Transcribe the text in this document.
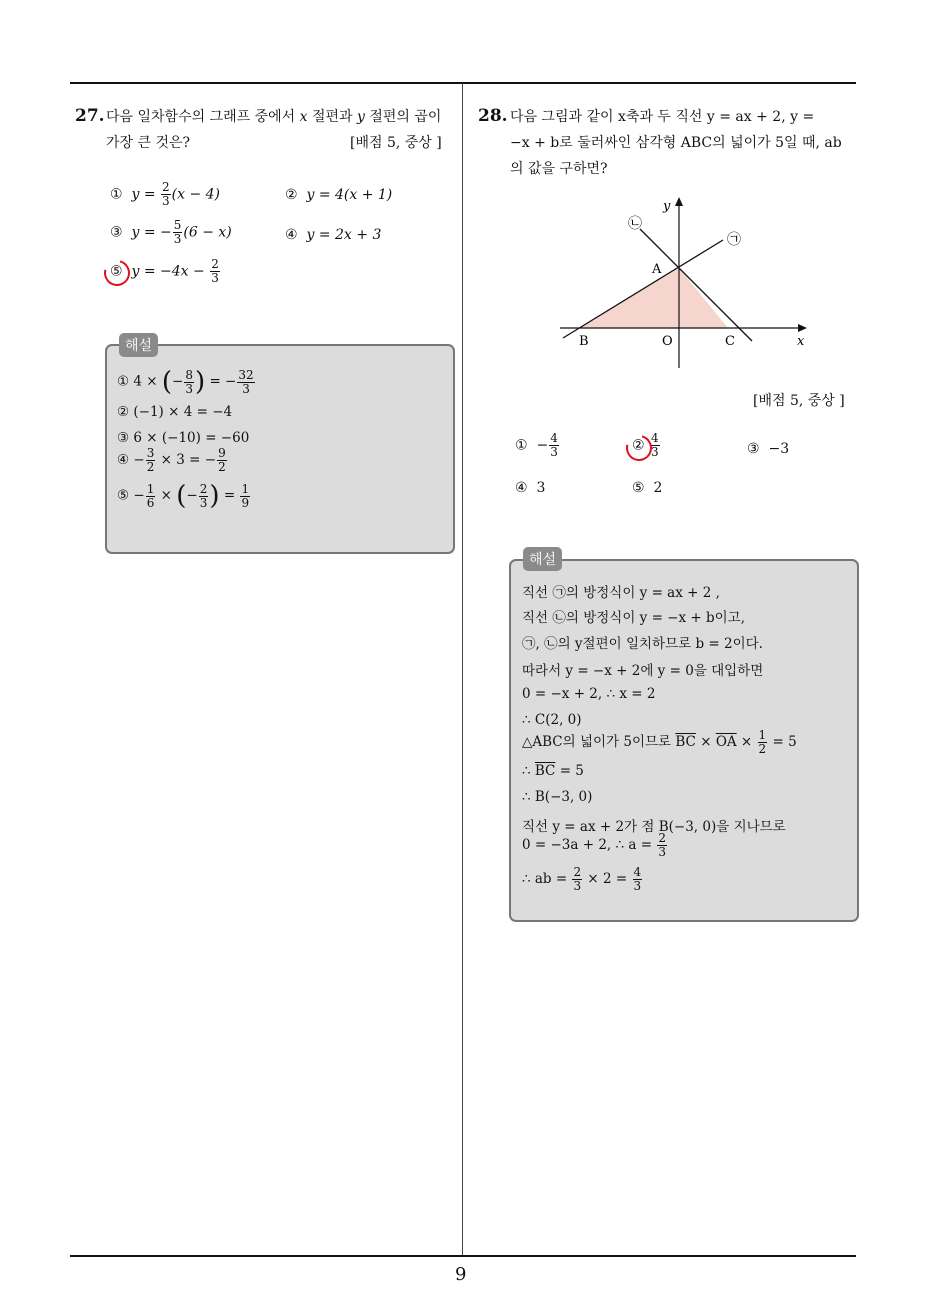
9
27. 다음 일차함수의 그래프 중에서 x 절편과 y 절편의 곱이
가장 큰 것은?	[배점 5, 중상 ]
① $y = \frac{2}{3} (x - 4)$	② y = 4(x + 1)
③ y = − $\frac{5}{3} (6 - x)$	④ y = 2x + 3
⑤ $y = -4x - \frac{2}{3}$
해설
① 4 × (− $\frac{8}{3}$ ) = − $\frac{32}{3}$
② (−1) × 4 = −4
③ 6 × (−10) = −60
④ − $\frac{3}{2} \times 3$ = − $\frac{9}{2}$
⑤ − $\frac{1}{6}$ × (− $\frac{2}{3}$ ) = $\frac{1}{9}$
28. 다음 그림과 같이 x축과 두 직선 y = ax + 2, y =
−x + b로 둘러싸인 삼각형 ABC의 넓이가 5일 때, ab
의 값을 구하면?
y
x
A
B	O	C
㉠
㉡
[배점 5, 중상 ]
① − $\frac{4}{3}$	② $\frac{4}{3}$	③ −3
④ 3	⑤ 2
해설
직선 ㉠의 방정식이 y = ax + 2 ,
직선 ㉡의 방정식이 y = −x + b이고,
㉠, ㉡의 y절편이 일치하므로 b = 2이다.
따라서 y = −x + 2에 y = 0을 대입하면
0 = −x + 2, ∴ x = 2
∴ C(2, 0)
△ABC의 넓이가 5이므로 $\overline{BC} \times \overline{OA} \times \frac{1}{2} = 5$
∴ $\overline{BC} = 5$
∴ B(−3, 0)
직선 y = ax + 2가 점 B(−3, 0)을 지나므로
0 = −3a + 2, ∴ $a = \frac{2}{3}$
∴ ab = $\frac{2}{3} \times 2 = \frac{4}{3}$
